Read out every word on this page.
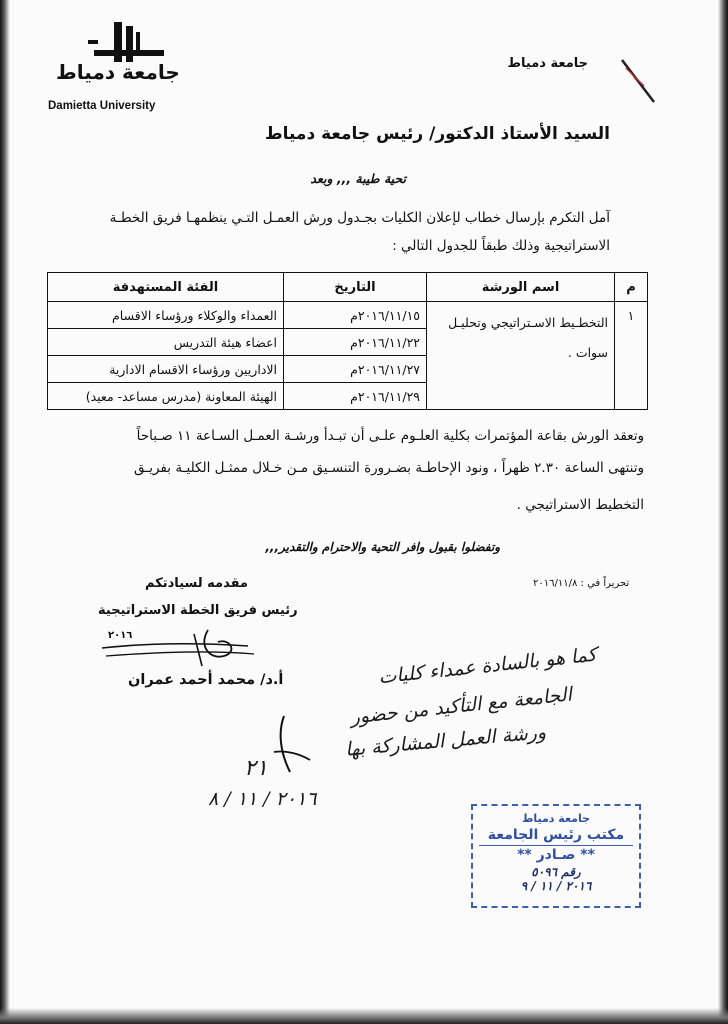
جامعة دمياط
Damietta University
جامعة دمياط
السيد الأستاذ الدكتور/ رئيس جامعة دمياط
تحية طيبة ,,, وبعد
آمل التكرم بإرسال خطاب لإعلان الكليات بجـدول ورش العمـل التـي ينظمهـا فريق الخطـة
الاستراتيجية وذلك طبقاً للجدول التالي :
م	اسم الورشة	التاريخ	الفئة المستهدفة
١	التخطـيط الاسـتراتيجي وتحليـل سوات .	٢٠١٦/١١/١٥م	العمداء والوكلاء ورؤساء الاقسام
		٢٠١٦/١١/٢٢م	اعضاء هيئة التدريس
		٢٠١٦/١١/٢٧م	الاداريين ورؤساء الاقسام الادارية
		٢٠١٦/١١/٢٩م	الهيئة المعاونة (مدرس مساعد- معيد)
وتعقد الورش بقاعة المؤتمرات بكلية العلـوم علـى أن تبـدأ ورشـة العمـل السـاعة ١١ صـباحاً
وتنتهى الساعة ٢.٣٠ ظهراً ، ونود الإحاطـة بضـرورة التنسـيق مـن خـلال ممثـل الكليـة بفريـق
التخطيط الاستراتيجي .
وتفضلوا بقبول وافر التحية والاحترام والتقدير,,,
تحريراً في : ٢٠١٦/١١/٨
مقدمه لسيادتكم
رئيس فريق الخطة الاستراتيجية
٢٠١٦
أ.د/ محمد أحمد عمران	كما هو بالسادة عمداء كليات
الجامعة مع التأكيد من حضور
ورشة العمل المشاركة بها
٢١
٢٠١٦ / ١١ / ٨
جامعة دمياط
مكتب رئيس الجامعة
** صـادر **
رقم ٥٠٩٦
٢٠١٦ / ١١ / ٩
